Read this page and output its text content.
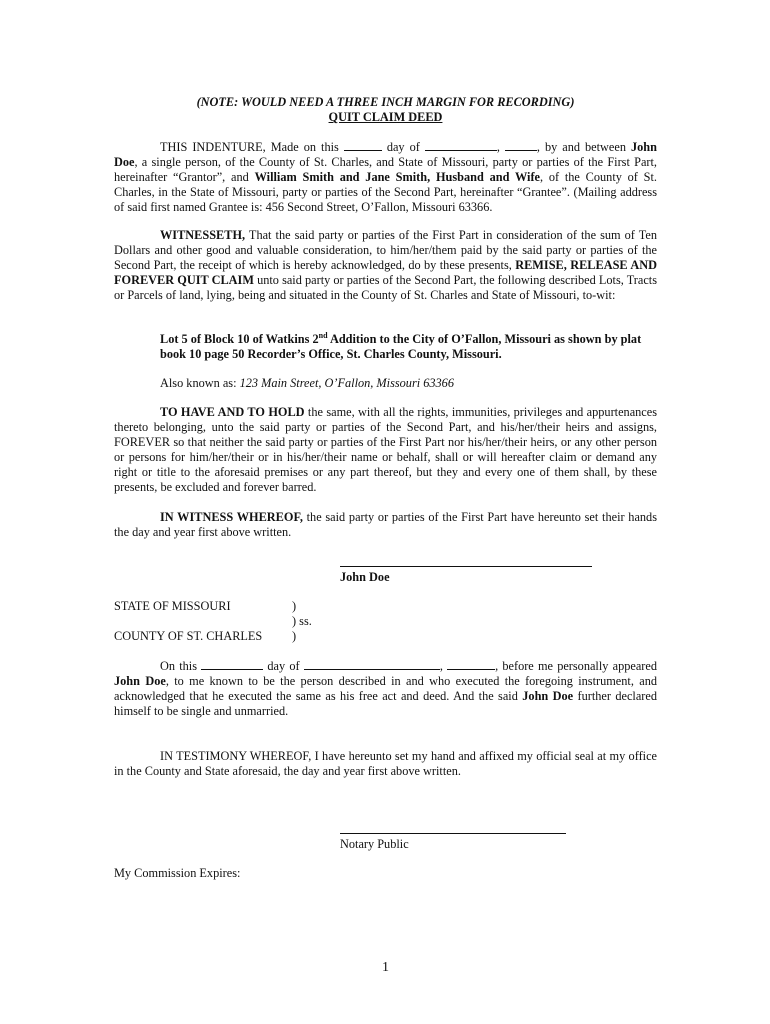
(NOTE: WOULD NEED A THREE INCH MARGIN FOR RECORDING)
QUIT CLAIM DEED

THIS INDENTURE, Made on this	day of	,	, by and between John Doe, a single person, of the County of St. Charles, and State of Missouri, party or parties of the First Part, hereinafter “Grantor”, and William Smith and Jane Smith, Husband and Wife, of the County of St. Charles, in the State of Missouri, party or parties of the Second Part, hereinafter “Grantee”. (Mailing address of said first named Grantee is: 456 Second Street, O’Fallon, Missouri 63366.

WITNESSETH, That the said party or parties of the First Part in consideration of the sum of Ten Dollars and other good and valuable consideration, to him/her/them paid by the said party or parties of the Second Part, the receipt of which is hereby acknowledged, do by these presents, REMISE, RELEASE AND FOREVER QUIT CLAIM unto said party or parties of the Second Part, the following described Lots, Tracts or Parcels of land, lying, being and situated in the County of St. Charles and State of Missouri, to-wit:

Lot 5 of Block 10 of Watkins 2nd Addition to the City of O’Fallon, Missouri as shown by plat
book 10 page 50 Recorder’s Office, St. Charles County, Missouri.
Also known as: 123 Main Street, O’Fallon, Missouri 63366

TO HAVE AND TO HOLD the same, with all the rights, immunities, privileges and appurtenances thereto belonging, unto the said party or parties of the Second Part, and his/her/their heirs and assigns, FOREVER so that neither the said party or parties of the First Part nor his/her/their heirs, or any other person or persons for him/her/their or in his/her/their name or behalf, shall or will hereafter claim or demand any right or title to the aforesaid premises or any part thereof, but they and every one of them shall, by these presents, be excluded and forever barred.

IN WITNESS WHEREOF, the said party or parties of the First Part have hereunto set their hands the day and year first above written.

John Doe
STATE OF MISSOURI	)
) ss.
COUNTY OF ST. CHARLES )

On this	day of	,	, before me personally appeared John Doe, to me known to be the person described in and who executed the foregoing instrument, and acknowledged that he executed the same as his free act and deed. And the said John Doe further declared himself to be single and unmarried.

IN TESTIMONY WHEREOF, I have hereunto set my hand and affixed my official seal at my office in the County and State aforesaid, the day and year first above written.

Notary Public
My Commission Expires:
1
